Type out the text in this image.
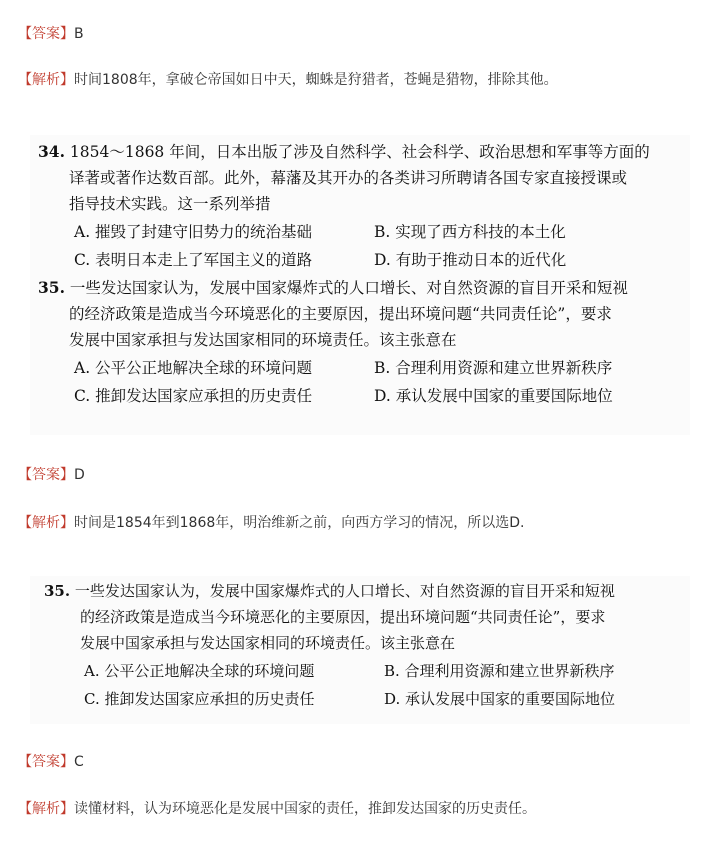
【答案】B
【解析】时间1808年，拿破仑帝国如日中天，蜘蛛是狩猎者，苍蝇是猎物，排除其他。
34. 1854～1868 年间，日本出版了涉及自然科学、社会科学、政治思想和军事等方面的
译著或著作达数百部。此外，幕藩及其开办的各类讲习所聘请各国专家直接授课或
指导技术实践。这一系列举措
A. 摧毁了封建守旧势力的统治基础	B. 实现了西方科技的本土化
C. 表明日本走上了军国主义的道路	D. 有助于推动日本的近代化
35. 一些发达国家认为，发展中国家爆炸式的人口增长、对自然资源的盲目开采和短视
的经济政策是造成当今环境恶化的主要原因，提出环境问题“共同责任论”，要求
发展中国家承担与发达国家相同的环境责任。该主张意在
A. 公平公正地解决全球的环境问题	B. 合理利用资源和建立世界新秩序
C. 推卸发达国家应承担的历史责任	D. 承认发展中国家的重要国际地位
【答案】D
【解析】时间是1854年到1868年，明治维新之前，向西方学习的情况，所以选D.
35. 一些发达国家认为，发展中国家爆炸式的人口增长、对自然资源的盲目开采和短视
的经济政策是造成当今环境恶化的主要原因，提出环境问题“共同责任论”，要求
发展中国家承担与发达国家相同的环境责任。该主张意在
A. 公平公正地解决全球的环境问题	B. 合理利用资源和建立世界新秩序
C. 推卸发达国家应承担的历史责任	D. 承认发展中国家的重要国际地位
【答案】C
【解析】读懂材料，认为环境恶化是发展中国家的责任，推卸发达国家的历史责任。
